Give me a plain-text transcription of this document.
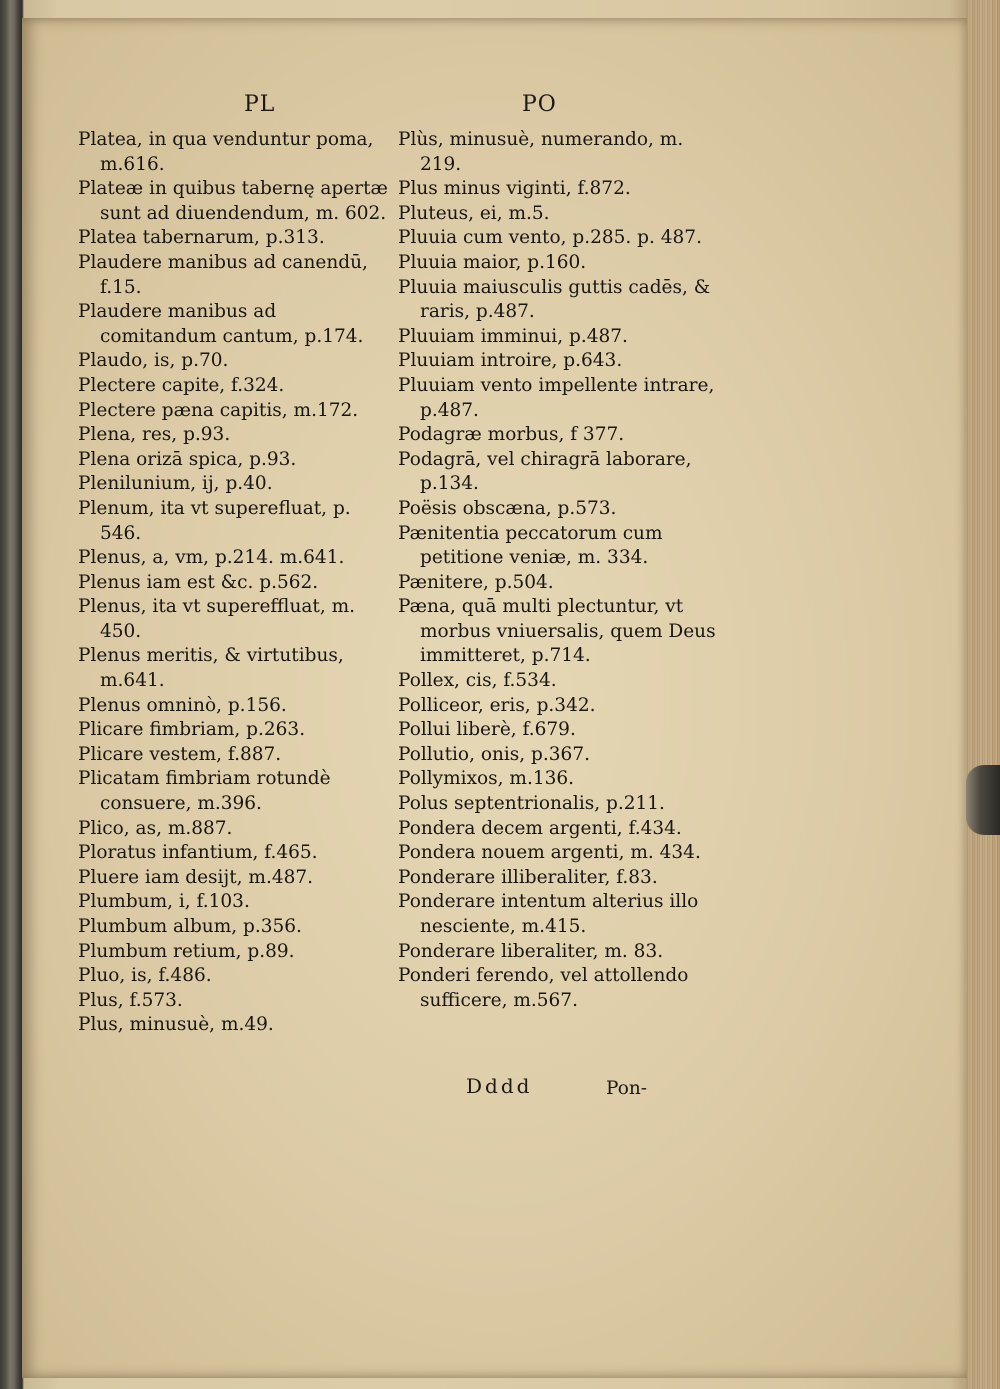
PL	PO

Platea, in qua venduntur poma, m.616.

Plateæ in quibus tabernę apertæ sunt ad diuendendum, m. 602.

Platea tabernarum, p.313.

Plaudere manibus ad canendū, f.15.

Plaudere manibus ad comitandum cantum, p.174.

Plaudo, is, p.70.

Plectere capite, f.324.

Plectere pæna capitis, m.172.

Plena, res, p.93.

Plena orizā spica, p.93.

Plenilunium, ij, p.40.

Plenum, ita vt superefluat, p. 546.

Plenus, a, vm, p.214. m.641.

Plenus iam est &c. p.562.

Plenus, ita vt supereffluat, m. 450.

Plenus meritis, & virtutibus, m.641.

Plenus omninò, p.156.

Plicare fimbriam, p.263.

Plicare vestem, f.887.

Plicatam fimbriam rotundè consuere, m.396.

Plico, as, m.887.

Ploratus infantium, f.465.

Pluere iam desijt, m.487.

Plumbum, i, f.103.

Plumbum album, p.356.

Plumbum retium, p.89.

Pluo, is, f.486.

Plus, f.573.

Plus, minusuè, m.49.

Plùs, minusuè, numerando, m. 219.

Plus minus viginti, f.872.

Pluteus, ei, m.5.

Pluuia cum vento, p.285. p. 487.

Pluuia maior, p.160.

Pluuia maiusculis guttis cadēs, & raris, p.487.

Pluuiam imminui, p.487.

Pluuiam introire, p.643.

Pluuiam vento impellente intrare, p.487.

Podagræ morbus, f 377.

Podagrā, vel chiragrā laborare, p.134.

Poësis obscæna, p.573.

Pænitentia peccatorum cum petitione veniæ, m. 334.

Pænitere, p.504.

Pæna, quā multi plectuntur, vt morbus vniuersalis, quem Deus immitteret, p.714.

Pollex, cis, f.534.

Polliceor, eris, p.342.

Pollui liberè, f.679.

Pollutio, onis, p.367.

Pollymixos, m.136.

Polus septentrionalis, p.211.

Pondera decem argenti, f.434.

Pondera nouem argenti, m. 434.

Ponderare illiberaliter, f.83.

Ponderare intentum alterius illo nesciente, m.415.

Ponderare liberaliter, m. 83.

Ponderi ferendo, vel attollendo sufficere, m.567.

Dddd	Pon-
